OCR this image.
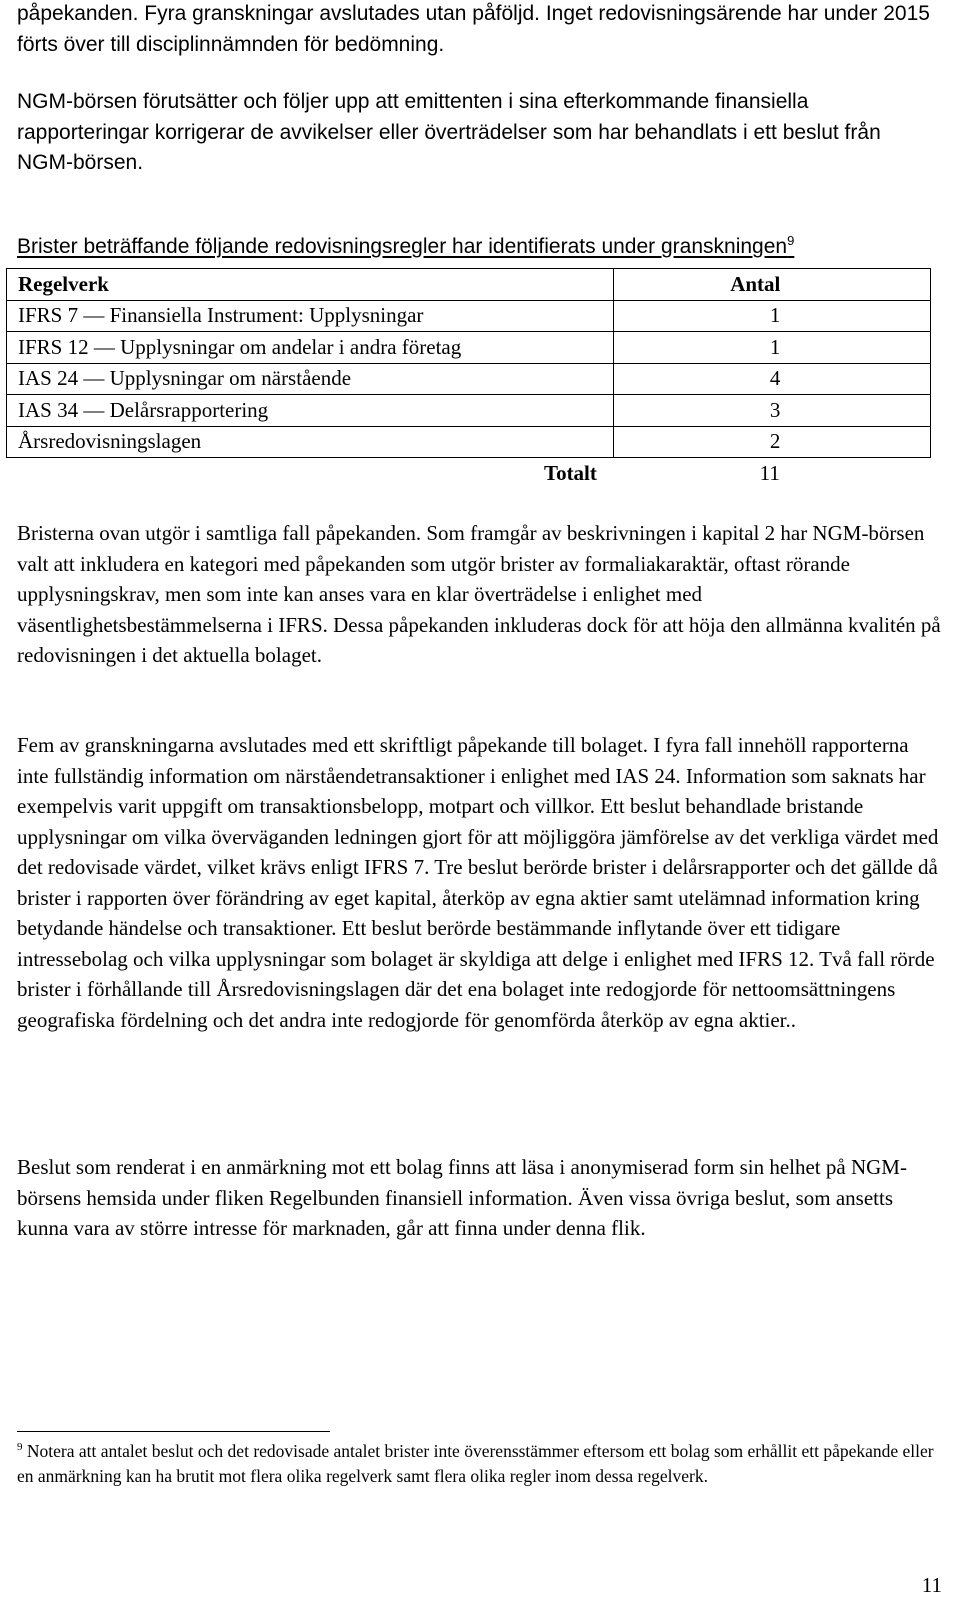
påpekanden. Fyra granskningar avslutades utan påföljd. Inget redovisningsärende har under 2015 förts över till disciplinnämnden för bedömning.

NGM-börsen förutsätter och följer upp att emittenten i sina efterkommande finansiella rapporteringar korrigerar de avvikelser eller överträdelser som har behandlats i ett beslut från NGM-börsen.

Brister beträffande följande redovisningsregler har identifierats under granskningen$^9$

Regelverk	Antal
IFRS 7 — Finansiella Instrument: Upplysningar	1
IFRS 12 — Upplysningar om andelar i andra företag	1
IAS 24 — Upplysningar om närstående	4
IAS 34 — Delårsrapportering	3
Årsredovisningslagen	2
Totalt	11

Bristerna ovan utgör i samtliga fall påpekanden. Som framgår av beskrivningen i kapital 2 har NGM-börsen valt att inkludera en kategori med påpekanden som utgör brister av formaliakaraktär, oftast rörande upplysningskrav, men som inte kan anses vara en klar överträdelse i enlighet med väsentlighetsbestämmelserna i IFRS. Dessa påpekanden inkluderas dock för att höja den allmänna kvalitén på redovisningen i det aktuella bolaget.

Fem av granskningarna avslutades med ett skriftligt påpekande till bolaget. I fyra fall innehöll rapporterna inte fullständig information om närståendetransaktioner i enlighet med IAS 24. Information som saknats har exempelvis varit uppgift om transaktionsbelopp, motpart och villkor. Ett beslut behandlade bristande upplysningar om vilka överväganden ledningen gjort för att möjliggöra jämförelse av det verkliga värdet med det redovisade värdet, vilket krävs enligt IFRS 7. Tre beslut berörde brister i delårsrapporter och det gällde då brister i rapporten över förändring av eget kapital, återköp av egna aktier samt utelämnad information kring betydande händelse och transaktioner. Ett beslut berörde bestämmande inflytande över ett tidigare intressebolag och vilka upplysningar som bolaget är skyldiga att delge i enlighet med IFRS 12. Två fall rörde brister i förhållande till Årsredovisningslagen där det ena bolaget inte redogjorde för nettoomsättningens geografiska fördelning och det andra inte redogjorde för genomförda återköp av egna aktier..

Beslut som renderat i en anmärkning mot ett bolag finns att läsa i anonymiserad form sin helhet på NGM-börsens hemsida under fliken Regelbunden finansiell information. Även vissa övriga beslut, som ansetts kunna vara av större intresse för marknaden, går att finna under denna flik.

$^9$ Notera att antalet beslut och det redovisade antalet brister inte överensstämmer eftersom ett bolag som erhållit ett påpekande eller en anmärkning kan ha brutit mot flera olika regelverk samt flera olika regler inom dessa regelverk.

11
